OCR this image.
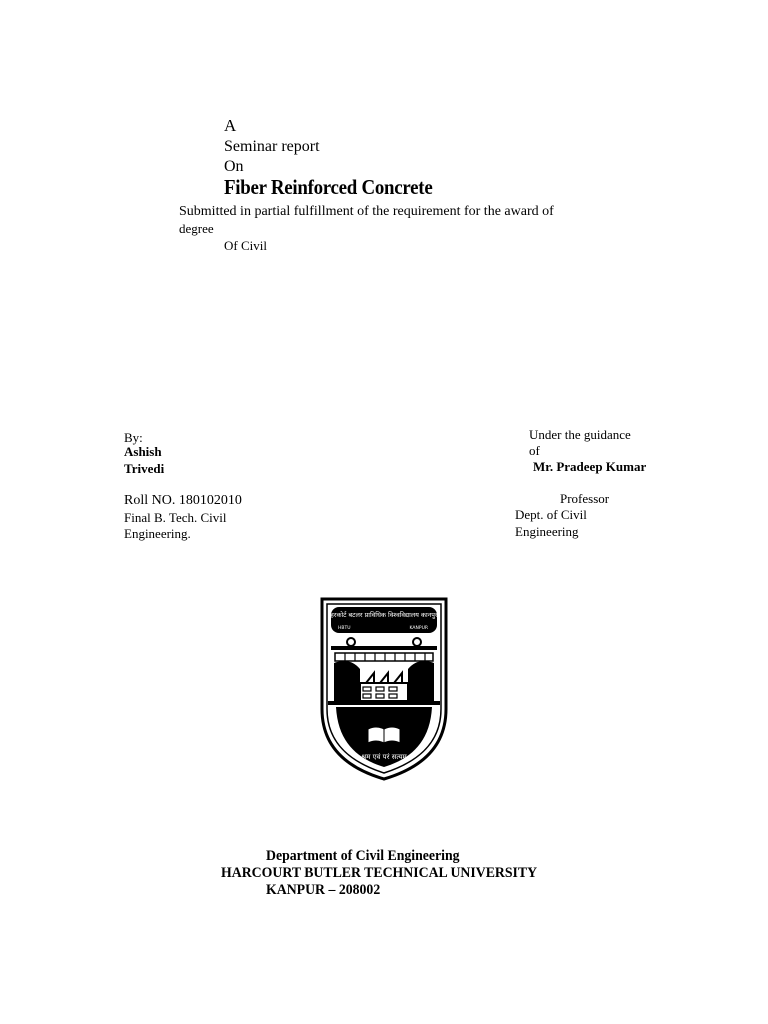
A
Seminar report
On
Fiber Reinforced Concrete
Submitted in partial fulfillment of the requirement for the award of
degree
Of Civil
By:
Ashish
Trivedi
Roll NO. 180102010
Final B. Tech. Civil
Engineering.
Under the guidance
of
Mr. Pradeep Kumar
Professor
Dept. of Civil
Engineering
हरकोर्ट बटलर प्राविधिक विश्वविद्यालय कानपुर
HBTU	KANPUR
श्रम एवं परं सत्यम्
Department of Civil Engineering
HARCOURT BUTLER TECHNICAL UNIVERSITY
KANPUR – 208002
